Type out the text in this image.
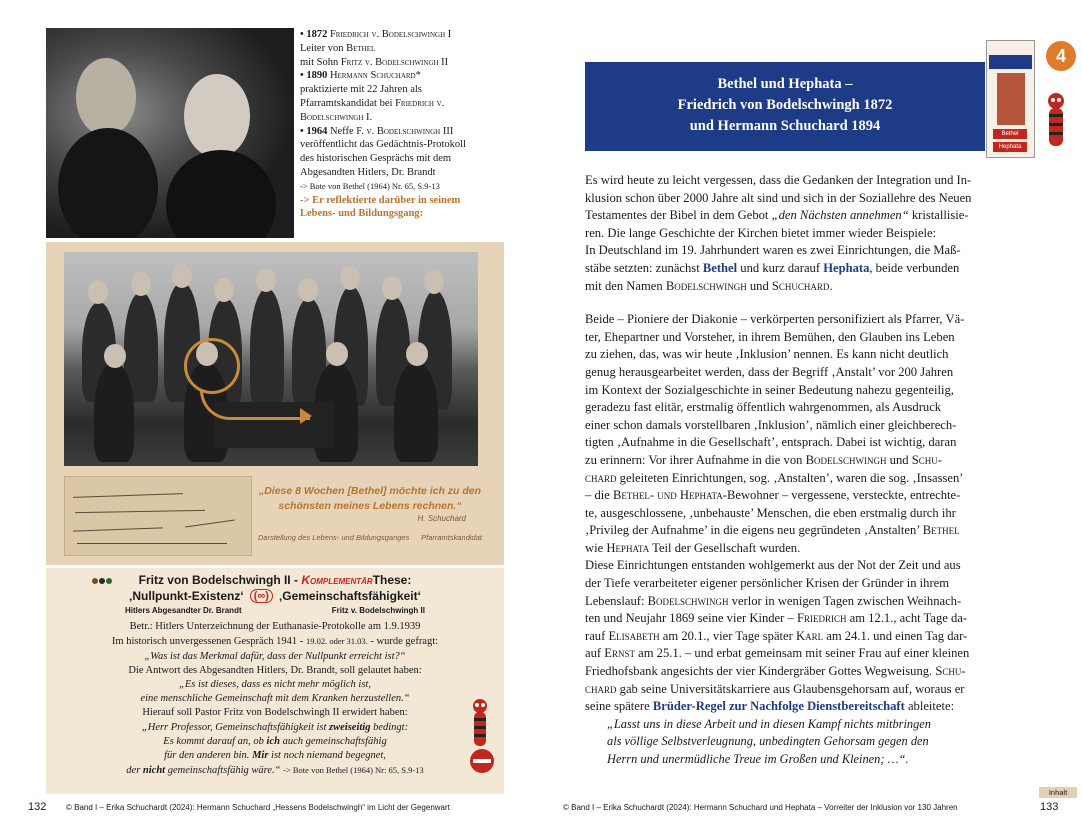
• 1872 Friedrich v. Bodelschwingh I
Leiter von Bethel
mit Sohn Fritz v. Bodelschwingh II
• 1890 Hermann Schuchard*
praktizierte mit 22 Jahren als
Pfarramtskandidat bei Friedrich v.
Bodelschwingh I.
• 1964 Neffe F. v. Bodelschwingh III
veröffentlicht das Gedächtnis-Protokoll
des historischen Gesprächs mit dem
Abgesandten Hitlers, Dr. Brandt
-> Bote von Bethel (1964) Nr. 65, S.9-13
-> Er reflektierte darüber in seinem
Lebens- und Bildungsgang:
„Diese 8 Wochen [Bethel] möchte ich zu den
schönsten meines Lebens rechnen.“
H. Schuchard
Darstellung des Lebens- und Bildungsganges Pfarramtskandidat
Fritz von Bodelschwingh II - KomplementärThese:
‚Nullpunkt-Existenz‘ (∞) ‚Gemeinschaftsfähigkeit‘
Hitlers Abgesandter Dr. Brandt	Fritz v. Bodelschwingh II
Betr.: Hitlers Unterzeichnung der Euthanasie-Protokolle am 1.9.1939
Im historisch unvergessenen Gespräch 1941 - 19.02. oder 31.03. - wurde gefragt:
„Was ist das Merkmal dafür, dass der Nullpunkt erreicht ist?“
Die Antwort des Abgesandten Hitlers, Dr. Brandt, soll gelautet haben:
„Es ist dieses, dass es nicht mehr möglich ist,
eine menschliche Gemeinschaft mit dem Kranken herzustellen.“
Hierauf soll Pastor Fritz von Bodelschwingh II erwidert haben:
„Herr Professor, Gemeinschaftsfähigkeit ist zweiseitig bedingt:
Es kommt darauf an, ob ich auch gemeinschaftsfähig
für den anderen bin. Mir ist noch niemand begegnet,
der nicht gemeinschaftsfähig wäre.“ -> Bote von Bethel (1964) Nr: 65, S.9-13
132 © Band I – Erika Schuchardt (2024): Hermann Schuchard „Hessens Bodelschwingh“ im Licht der Gegenwart
Bethel und Hephata –
Friedrich von Bodelschwingh 1872
und Hermann Schuchard 1894	Bethel
Hephata
4

Es wird heute zu leicht vergessen, dass die Gedanken der Integration und In-

klusion schon über 2000 Jahre alt sind und sich in der Soziallehre des Neuen

Testamentes der Bibel in dem Gebot „den Nächsten annehmen“ kristallisie-

ren. Die lange Geschichte der Kirchen bietet immer wieder Beispiele:

In Deutschland im 19. Jahrhundert waren es zwei Einrichtungen, die Maß-

stäbe setzten: zunächst Bethel und kurz darauf Hephata, beide verbunden

mit den Namen Bodelschwingh und Schuchard.

Beide – Pioniere der Diakonie – verkörperten personifiziert als Pfarrer, Vä-

ter, Ehepartner und Vorsteher, in ihrem Bemühen, den Glauben ins Leben

zu ziehen, das, was wir heute ‚Inklusion’ nennen. Es kann nicht deutlich

genug herausgearbeitet werden, dass der Begriff ‚Anstalt’ vor 200 Jahren

im Kontext der Sozialgeschichte in seiner Bedeutung nahezu gegenteilig,

geradezu fast elitär, erstmalig öffentlich wahrgenommen, als Ausdruck

einer schon damals vorstellbaren ‚Inklusion’, nämlich einer gleichberech-

tigten ‚Aufnahme in die Gesellschaft’, entsprach. Dabei ist wichtig, daran

zu erinnern: Vor ihrer Aufnahme in die von Bodelschwingh und Schu-

chard geleiteten Einrichtungen, sog. ‚Anstalten’, waren die sog. ‚Insassen’

– die Bethel- und Hephata-Bewohner – vergessene, versteckte, entrechte-

te, ausgeschlossene, ‚unbehauste’ Menschen, die eben erstmalig durch ihr

‚Privileg der Aufnahme’ in die eigens neu gegründeten ‚Anstalten’ Bethel

wie Hephata Teil der Gesellschaft wurden.

Diese Einrichtungen entstanden wohlgemerkt aus der Not der Zeit und aus

der Tiefe verarbeiteter eigener persönlicher Krisen der Gründer in ihrem

Lebenslauf: Bodelschwingh verlor in wenigen Tagen zwischen Weihnach-

ten und Neujahr 1869 seine vier Kinder – Friedrich am 12.1., acht Tage da-

rauf Elisabeth am 20.1., vier Tage später Karl am 24.1. und einen Tag dar-

auf Ernst am 25.1. – und erbat gemeinsam mit seiner Frau auf einer kleinen

Friedhofsbank angesichts der vier Kindergräber Gottes Wegweisung. Schu-

chard gab seine Universitätskarriere aus Glaubensgehorsam auf, woraus er

seine spätere Brüder-Regel zur Nachfolge Dienstbereitschaft ableitete:

„Lasst uns in diese Arbeit und in diesen Kampf nichts mitbringen

als völlige Selbstverleugnung, unbedingten Gehorsam gegen den

Herrn und unermüdliche Treue im Großen und Kleinen; …“.

Inhalt
© Band I – Erika Schuchardt (2024): Hermann Schuchard und Hephata – Vorreiter der Inklusion vor 130 Jahren	133
